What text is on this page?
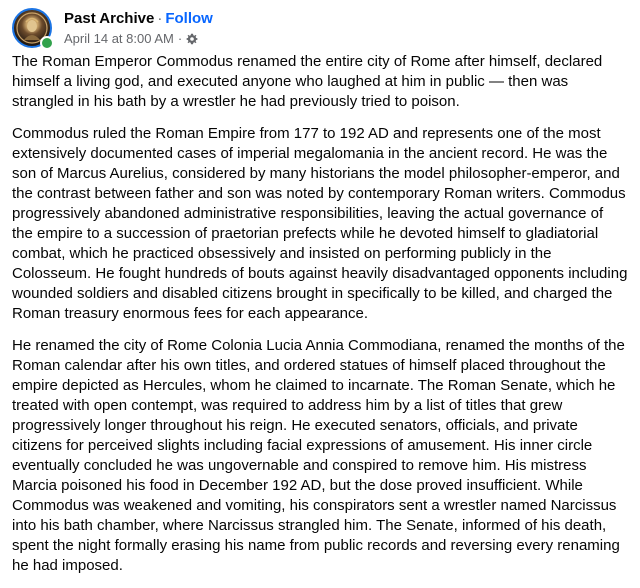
Past Archive · Follow
April 14 at 8:00 AM ·

The Roman Emperor Commodus renamed the entire city of Rome after himself, declared himself a living god, and executed anyone who laughed at him in public — then was strangled in his bath by a wrestler he had previously tried to poison.

Commodus ruled the Roman Empire from 177 to 192 AD and represents one of the most extensively documented cases of imperial megalomania in the ancient record. He was the son of Marcus Aurelius, considered by many historians the model philosopher-emperor, and the contrast between father and son was noted by contemporary Roman writers. Commodus progressively abandoned administrative responsibilities, leaving the actual governance of the empire to a succession of praetorian prefects while he devoted himself to gladiatorial combat, which he practiced obsessively and insisted on performing publicly in the Colosseum. He fought hundreds of bouts against heavily disadvantaged opponents including wounded soldiers and disabled citizens brought in specifically to be killed, and charged the Roman treasury enormous fees for each appearance.

He renamed the city of Rome Colonia Lucia Annia Commodiana, renamed the months of the Roman calendar after his own titles, and ordered statues of himself placed throughout the empire depicted as Hercules, whom he claimed to incarnate. The Roman Senate, which he treated with open contempt, was required to address him by a list of titles that grew progressively longer throughout his reign. He executed senators, officials, and private citizens for perceived slights including facial expressions of amusement. His inner circle eventually concluded he was ungovernable and conspired to remove him. His mistress Marcia poisoned his food in December 192 AD, but the dose proved insufficient. While Commodus was weakened and vomiting, his conspirators sent a wrestler named Narcissus into his bath chamber, where Narcissus strangled him. The Senate, informed of his death, spent the night formally erasing his name from public records and reversing every renaming he had imposed.
